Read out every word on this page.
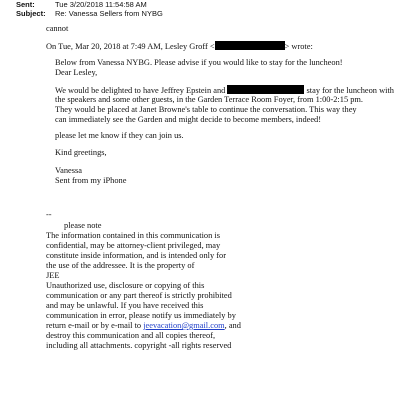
Sent:	Tue 3/20/2018 11:54:58 AM
Subject: Re: Vanessa Sellers from NYBG
cannot
On Tue, Mar 20, 2018 at 7:49 AM, Lesley Groff <	> wrote:
Below from Vanessa NYBG. Please advise if you would like to stay for the luncheon!
Dear Lesley,
We would be delighted to have Jeffrey Epstein and	stay for the luncheon with
the speakers and some other guests, in the Garden Terrace Room Foyer, from 1:00-2:15 pm.
They would be placed at Janet Browne's table to continue the conversation. This way they
can immediately see the Garden and might decide to become members, indeed!
please let me know if they can join us.
Kind greetings,
Vanessa
Sent from my iPhone
--
please note
The information contained in this communication is
confidential, may be attorney-client privileged, may
constitute inside information, and is intended only for
the use of the addressee. It is the property of
JEE
Unauthorized use, disclosure or copying of this
communication or any part thereof is strictly prohibited
and may be unlawful. If you have received this
communication in error, please notify us immediately by
return e-mail or by e-mail to jeevacation@gmail.com, and
destroy this communication and all copies thereof,
including all attachments. copyright -all rights reserved
